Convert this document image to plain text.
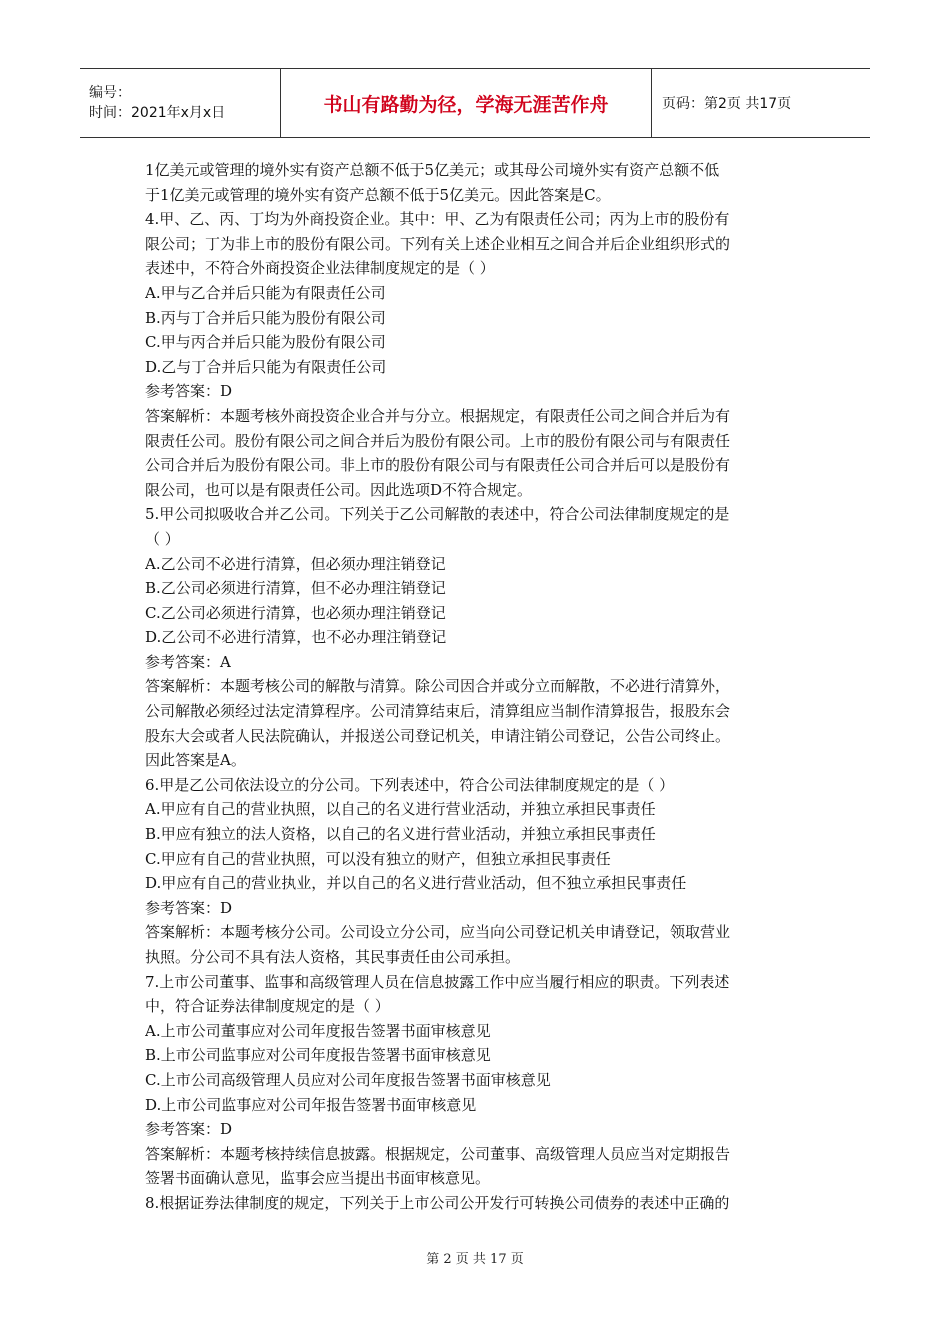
编号：
时间：2021年x月x日	书山有路勤为径，学海无涯苦作舟	页码：第2页 共17页
1亿美元或管理的境外实有资产总额不低于5亿美元；或其母公司境外实有资产总额不低
于1亿美元或管理的境外实有资产总额不低于5亿美元。因此答案是C。
4.甲、乙、丙、丁均为外商投资企业。其中：甲、乙为有限责任公司；丙为上市的股份有
限公司；丁为非上市的股份有限公司。下列有关上述企业相互之间合并后企业组织形式的
表述中，不符合外商投资企业法律制度规定的是（ ）
A.甲与乙合并后只能为有限责任公司
B.丙与丁合并后只能为股份有限公司
C.甲与丙合并后只能为股份有限公司
D.乙与丁合并后只能为有限责任公司
参考答案：D
答案解析：本题考核外商投资企业合并与分立。根据规定，有限责任公司之间合并后为有
限责任公司。股份有限公司之间合并后为股份有限公司。上市的股份有限公司与有限责任
公司合并后为股份有限公司。非上市的股份有限公司与有限责任公司合并后可以是股份有
限公司，也可以是有限责任公司。因此选项D不符合规定。
5.甲公司拟吸收合并乙公司。下列关于乙公司解散的表述中，符合公司法律制度规定的是
（ ）
A.乙公司不必进行清算，但必须办理注销登记
B.乙公司必须进行清算，但不必办理注销登记
C.乙公司必须进行清算，也必须办理注销登记
D.乙公司不必进行清算，也不必办理注销登记
参考答案：A
答案解析：本题考核公司的解散与清算。除公司因合并或分立而解散，不必进行清算外，
公司解散必须经过法定清算程序。公司清算结束后，清算组应当制作清算报告，报股东会
股东大会或者人民法院确认，并报送公司登记机关，申请注销公司登记，公告公司终止。
因此答案是A。
6.甲是乙公司依法设立的分公司。下列表述中，符合公司法律制度规定的是（ ）
A.甲应有自己的营业执照，以自己的名义进行营业活动，并独立承担民事责任
B.甲应有独立的法人资格，以自己的名义进行营业活动，并独立承担民事责任
C.甲应有自己的营业执照，可以没有独立的财产，但独立承担民事责任
D.甲应有自己的营业执业，并以自己的名义进行营业活动，但不独立承担民事责任
参考答案：D
答案解析：本题考核分公司。公司设立分公司，应当向公司登记机关申请登记，领取营业
执照。分公司不具有法人资格，其民事责任由公司承担。
7.上市公司董事、监事和高级管理人员在信息披露工作中应当履行相应的职责。下列表述
中，符合证券法律制度规定的是（ ）
A.上市公司董事应对公司年度报告签署书面审核意见
B.上市公司监事应对公司年度报告签署书面审核意见
C.上市公司高级管理人员应对公司年度报告签署书面审核意见
D.上市公司监事应对公司年报告签署书面审核意见
参考答案：D
答案解析：本题考核持续信息披露。根据规定，公司董事、高级管理人员应当对定期报告
签署书面确认意见，监事会应当提出书面审核意见。
8.根据证券法律制度的规定，下列关于上市公司公开发行可转换公司债券的表述中正确的
第 2 页 共 17 页
